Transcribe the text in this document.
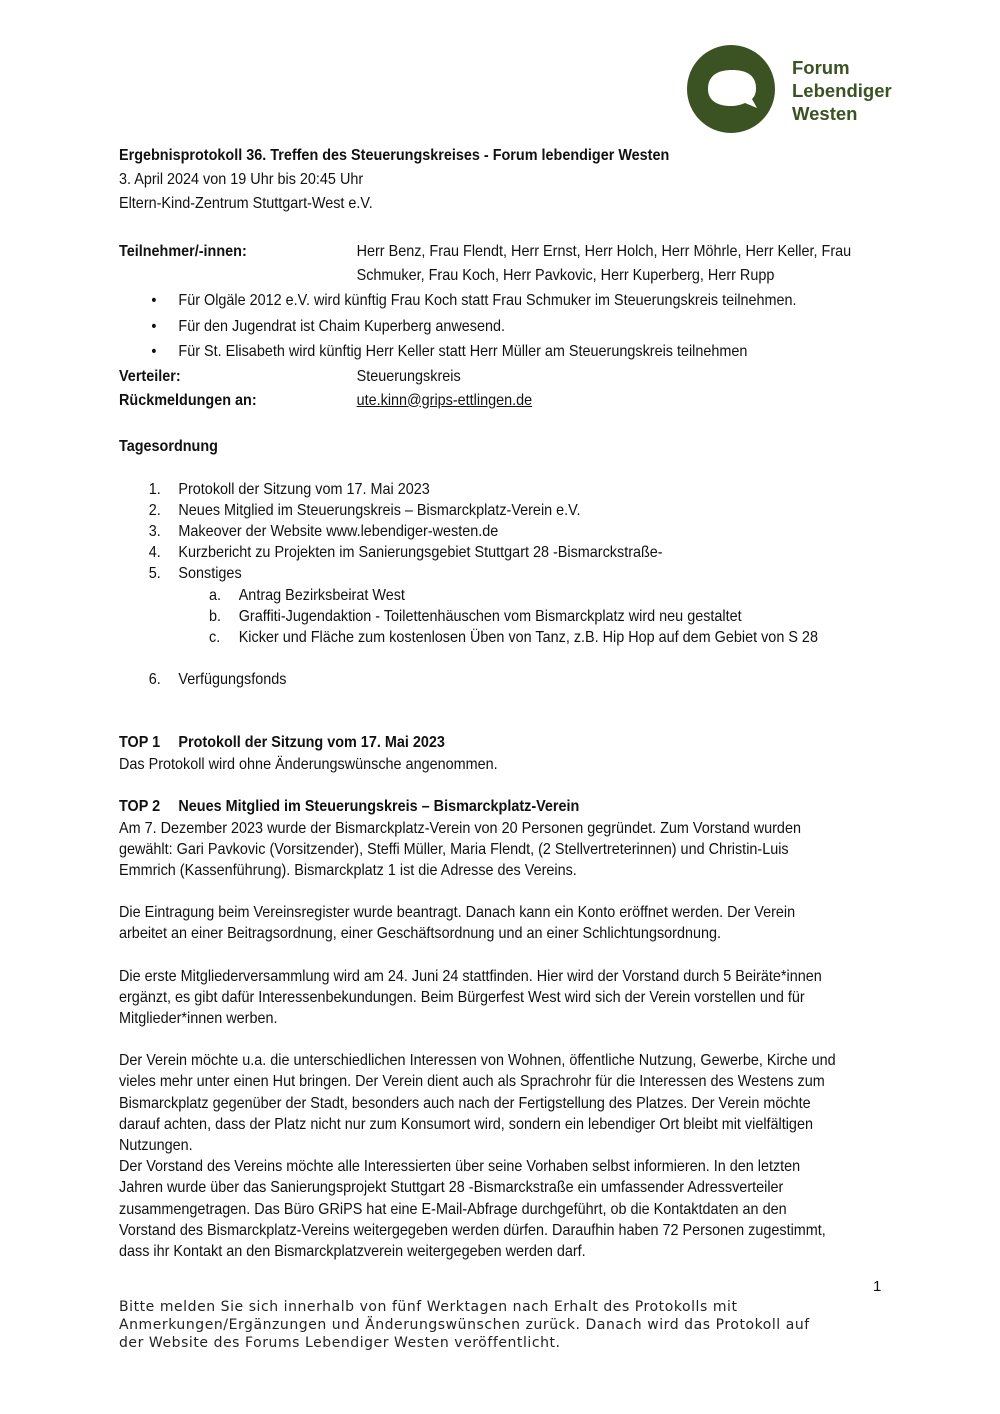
Forum
Lebendiger
Westen
Ergebnisprotokoll 36. Treffen des Steuerungskreises - Forum lebendiger Westen
3. April 2024 von 19 Uhr bis 20:45 Uhr
Eltern-Kind-Zentrum Stuttgart-West e.V.
Teilnehmer/-innen:	Herr Benz, Frau Flendt, Herr Ernst, Herr Holch, Herr Möhrle, Herr Keller, Frau
Schmuker, Frau Koch, Herr Pavkovic, Herr Kuperberg, Herr Rupp
• Für Olgäle 2012 e.V. wird künftig Frau Koch statt Frau Schmuker im Steuerungskreis teilnehmen.
• Für den Jugendrat ist Chaim Kuperberg anwesend.
• Für St. Elisabeth wird künftig Herr Keller statt Herr Müller am Steuerungskreis teilnehmen
Verteiler:	Steuerungskreis
Rückmeldungen an:	ute.kinn@grips-ettlingen.de
Tagesordnung
1.	Protokoll der Sitzung vom 17. Mai 2023
2.	Neues Mitglied im Steuerungskreis – Bismarckplatz-Verein e.V.
3.	Makeover der Website www.lebendiger-westen.de
4.	Kurzbericht zu Projekten im Sanierungsgebiet Stuttgart 28 -Bismarckstraße-
5.	Sonstiges
a.	Antrag Bezirksbeirat West
b.	Graffiti-Jugendaktion - Toilettenhäuschen vom Bismarckplatz wird neu gestaltet
c.	Kicker und Fläche zum kostenlosen Üben von Tanz, z.B. Hip Hop auf dem Gebiet von S 28
6.	Verfügungsfonds
TOP 1 Protokoll der Sitzung vom 17. Mai 2023

Das Protokoll wird ohne Änderungswünsche angenommen.

TOP 2 Neues Mitglied im Steuerungskreis – Bismarckplatz-Verein

Am 7. Dezember 2023 wurde der Bismarckplatz-Verein von 20 Personen gegründet. Zum Vorstand wurden
gewählt: Gari Pavkovic (Vorsitzender), Steffi Müller, Maria Flendt, (2 Stellvertreterinnen) und Christin-Luis
Emmrich (Kassenführung). Bismarckplatz 1 ist die Adresse des Vereins.

Die Eintragung beim Vereinsregister wurde beantragt. Danach kann ein Konto eröffnet werden. Der Verein
arbeitet an einer Beitragsordnung, einer Geschäftsordnung und an einer Schlichtungsordnung.

Die erste Mitgliederversammlung wird am 24. Juni 24 stattfinden. Hier wird der Vorstand durch 5 Beiräte*innen
ergänzt, es gibt dafür Interessenbekundungen. Beim Bürgerfest West wird sich der Verein vorstellen und für
Mitglieder*innen werben.

Der Verein möchte u.a. die unterschiedlichen Interessen von Wohnen, öffentliche Nutzung, Gewerbe, Kirche und
vieles mehr unter einen Hut bringen. Der Verein dient auch als Sprachrohr für die Interessen des Westens zum
Bismarckplatz gegenüber der Stadt, besonders auch nach der Fertigstellung des Platzes. Der Verein möchte
darauf achten, dass der Platz nicht nur zum Konsumort wird, sondern ein lebendiger Ort bleibt mit vielfältigen
Nutzungen.

Der Vorstand des Vereins möchte alle Interessierten über seine Vorhaben selbst informieren. In den letzten
Jahren wurde über das Sanierungsprojekt Stuttgart 28 -Bismarckstraße ein umfassender Adressverteiler
zusammengetragen. Das Büro GRiPS hat eine E-Mail-Abfrage durchgeführt, ob die Kontaktdaten an den
Vorstand des Bismarckplatz-Vereins weitergegeben werden dürfen. Daraufhin haben 72 Personen zugestimmt,
dass ihr Kontakt an den Bismarckplatzverein weitergegeben werden darf.

1
Bitte melden Sie sich innerhalb von fünf Werktagen nach Erhalt des Protokolls mit
Anmerkungen/Ergänzungen und Änderungswünschen zurück. Danach wird das Protokoll auf
der Website des Forums Lebendiger Westen veröffentlicht.
